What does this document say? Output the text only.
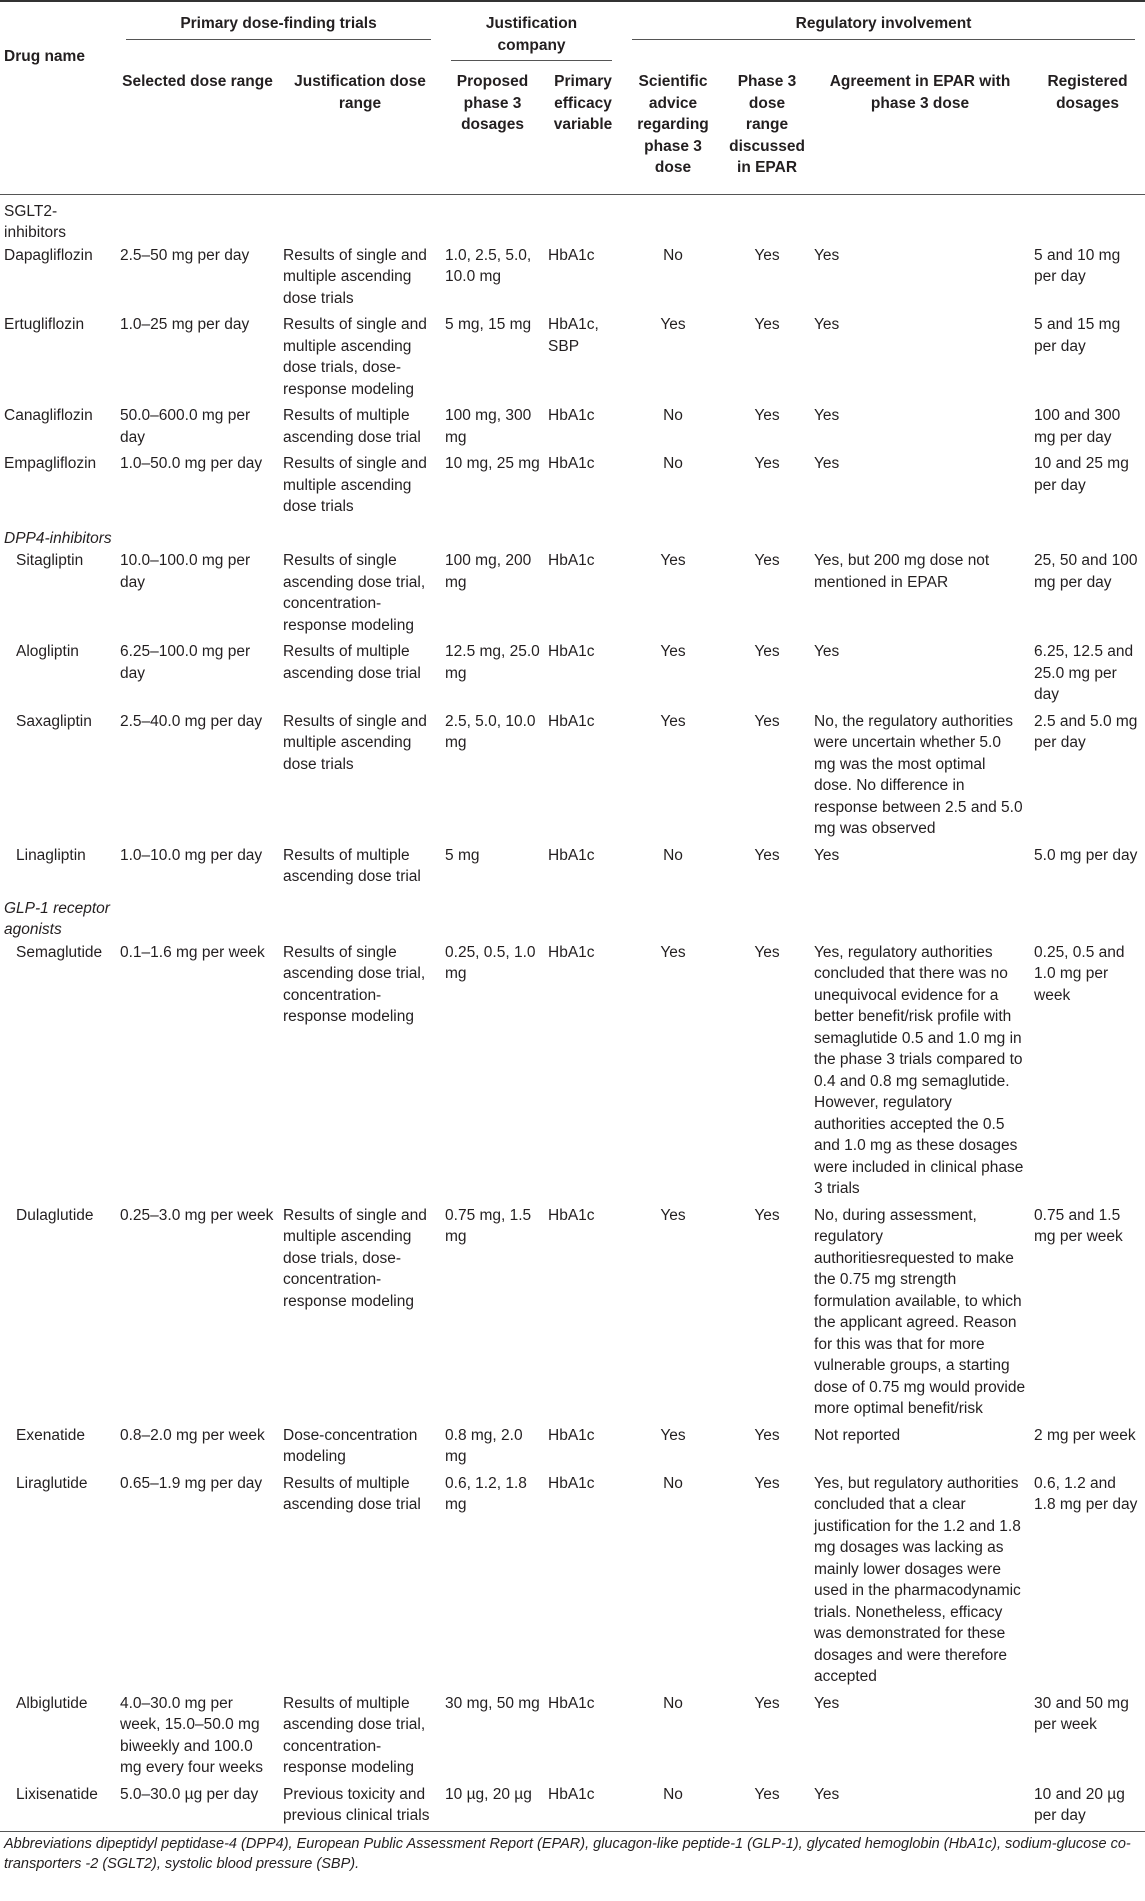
Drug name	Primary dose-finding trials		Justification company		Regulatory involvement			

	Selected dose range	Justification dose range	Proposed phase 3 dosages	Primary efficacy variable	Scientific advice regarding phase 3 dose	Phase 3 dose range discussed in EPAR	Agreement in EPAR with phase 3 dose	Registered dosages
SGLT2-inhibitors								
Dapagliflozin	2.5–50 mg per day	Results of single and multiple ascending dose trials	1.0, 2.5, 5.0, 10.0 mg	HbA1c	No	Yes	Yes	5 and 10 mg per day
Ertugliflozin	1.0–25 mg per day	Results of single and multiple ascending dose trials, dose-response modeling	5 mg, 15 mg	HbA1c, SBP	Yes	Yes	Yes	5 and 15 mg per day
Canagliflozin	50.0–600.0 mg per day	Results of multiple ascending dose trial	100 mg, 300 mg	HbA1c	No	Yes	Yes	100 and 300 mg per day
Empagliflozin	1.0–50.0 mg per day	Results of single and multiple ascending dose trials	10 mg, 25 mg	HbA1c	No	Yes	Yes	10 and 25 mg per day
DPP4-inhibitors								
Sitagliptin	10.0–100.0 mg per day	Results of single ascending dose trial, concentration-response modeling	100 mg, 200 mg	HbA1c	Yes	Yes	Yes, but 200 mg dose not mentioned in EPAR	25, 50 and 100 mg per day
Alogliptin	6.25–100.0 mg per day	Results of multiple ascending dose trial	12.5 mg, 25.0 mg	HbA1c	Yes	Yes	Yes	6.25, 12.5 and 25.0 mg per day
Saxagliptin	2.5–40.0 mg per day	Results of single and multiple ascending dose trials	2.5, 5.0, 10.0 mg	HbA1c	Yes	Yes	No, the regulatory authorities were uncertain whether 5.0 mg was the most optimal dose. No difference in response between 2.5 and 5.0 mg was observed	2.5 and 5.0 mg per day
Linagliptin	1.0–10.0 mg per day	Results of multiple ascending dose trial	5 mg	HbA1c	No	Yes	Yes	5.0 mg per day
GLP-1 receptor agonists								
Semaglutide	0.1–1.6 mg per week	Results of single ascending dose trial, concentration-response modeling	0.25, 0.5, 1.0 mg	HbA1c	Yes	Yes	Yes, regulatory authorities concluded that there was no unequivocal evidence for a better benefit/risk profile with semaglutide 0.5 and 1.0 mg in the phase 3 trials compared to 0.4 and 0.8 mg semaglutide. However, regulatory authorities accepted the 0.5 and 1.0 mg as these dosages were included in clinical phase 3 trials	0.25, 0.5 and 1.0 mg per week
Dulaglutide	0.25–3.0 mg per week	Results of single and multiple ascending dose trials, dose-concentration-response modeling	0.75 mg, 1.5 mg	HbA1c	Yes	Yes	No, during assessment, regulatory authoritiesrequested to make the 0.75 mg strength formulation available, to which the applicant agreed. Reason for this was that for more vulnerable groups, a starting dose of 0.75 mg would provide more optimal benefit/risk	0.75 and 1.5 mg per week
Exenatide	0.8–2.0 mg per week	Dose-concentration modeling	0.8 mg, 2.0 mg	HbA1c	Yes	Yes	Not reported	2 mg per week
Liraglutide	0.65–1.9 mg per day	Results of multiple ascending dose trial	0.6, 1.2, 1.8 mg	HbA1c	No	Yes	Yes, but regulatory authorities concluded that a clear justification for the 1.2 and 1.8 mg dosages was lacking as mainly lower dosages were used in the pharmacodynamic trials. Nonetheless, efficacy was demonstrated for these dosages and were therefore accepted	0.6, 1.2 and 1.8 mg per day
Albiglutide	4.0–30.0 mg per week, 15.0–50.0 mg biweekly and 100.0 mg every four weeks	Results of multiple ascending dose trial, concentration-response modeling	30 mg, 50 mg	HbA1c	No	Yes	Yes	30 and 50 mg per week
Lixisenatide	5.0–30.0 µg per day	Previous toxicity and previous clinical trials	10 µg, 20 µg	HbA1c	No	Yes	Yes	10 and 20 µg per day
Abbreviations dipeptidyl peptidase-4 (DPP4), European Public Assessment Report (EPAR), glucagon-like peptide-1 (GLP-1), glycated hemoglobin (HbA1c), sodium-glucose co-transporters -2 (SGLT2), systolic blood pressure (SBP).
